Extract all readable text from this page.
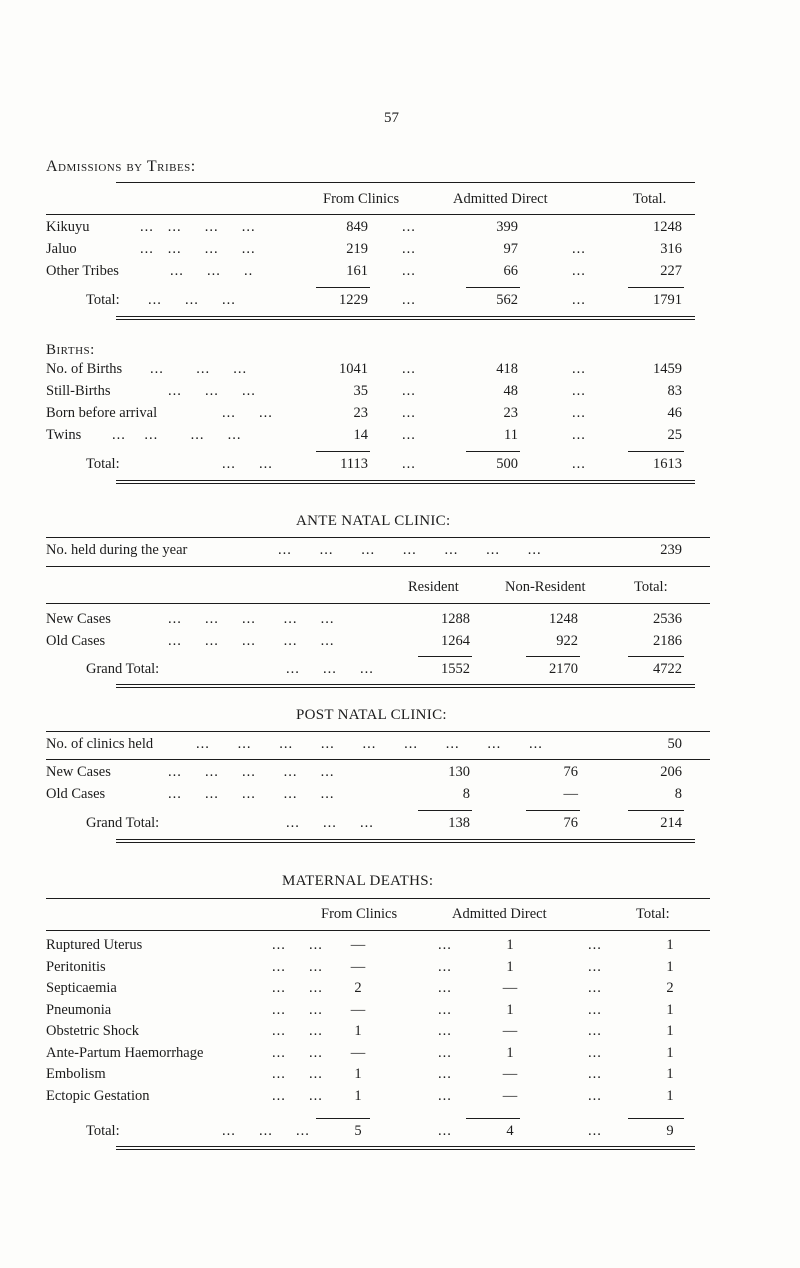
57
Admissions by Tribes:
From Clinics	Admitted Direct	Total.
Kikuyu	...   ...     ...     ...	849 ...	399	1248
Jaluo	...   ...     ...     ...	219 ...	97	...	316
Other Tribes	...     ...     ..	161 ...	66	...	227
Total: ...     ...     ...	1229 ...	562	...	1791
Births:
No. of Births ...       ...     ...	1041 ...	418	...	1459
Still-Births	...     ...     ...	35 ...	48	...	83
Born before arrival	...     ...	23 ...	23	...	46
Twins ...    ...       ...     ...	14 ...	11	...	25
Total:	...     ...	1113 ...	500	...	1613
ANTE NATAL CLINIC:
No. held during the year	...      ...      ...      ...      ...      ...      ...	239
Resident	Non-Resident	Total:
New Cases	...     ...     ...      ...     ...	1288	1248	2536
Old Cases	...     ...     ...      ...     ...	1264	922	2186
Grand Total:	...     ...     ...	1552	2170	4722
POST NATAL CLINIC:
No. of clinics held	...      ...      ...      ...      ...      ...      ...      ...      ...	50
New Cases	...     ...     ...      ...     ...	130	76	206
Old Cases	...     ...     ...      ...     ...	8	—	8
Grand Total:	...     ...     ...	138	76	214
MATERNAL DEATHS:
From Clinics	Admitted Direct	Total:
Ruptured Uterus	...     ...	—	...	1	...	1
Peritonitis	...     ...	—	...	1	...	1
Septicaemia	...     ...	2	...	—	...	2
Pneumonia	...     ...	—	...	1	...	1
Obstetric Shock	...     ...	1	...	—	...	1
Ante-Partum Haemorrhage	...     ...	—	...	1	...	1
Embolism	...     ...	1	...	—	...	1
Ectopic Gestation	...     ...	1	...	—	...	1
Total:	...     ...     ...	5	...	4	...	9
